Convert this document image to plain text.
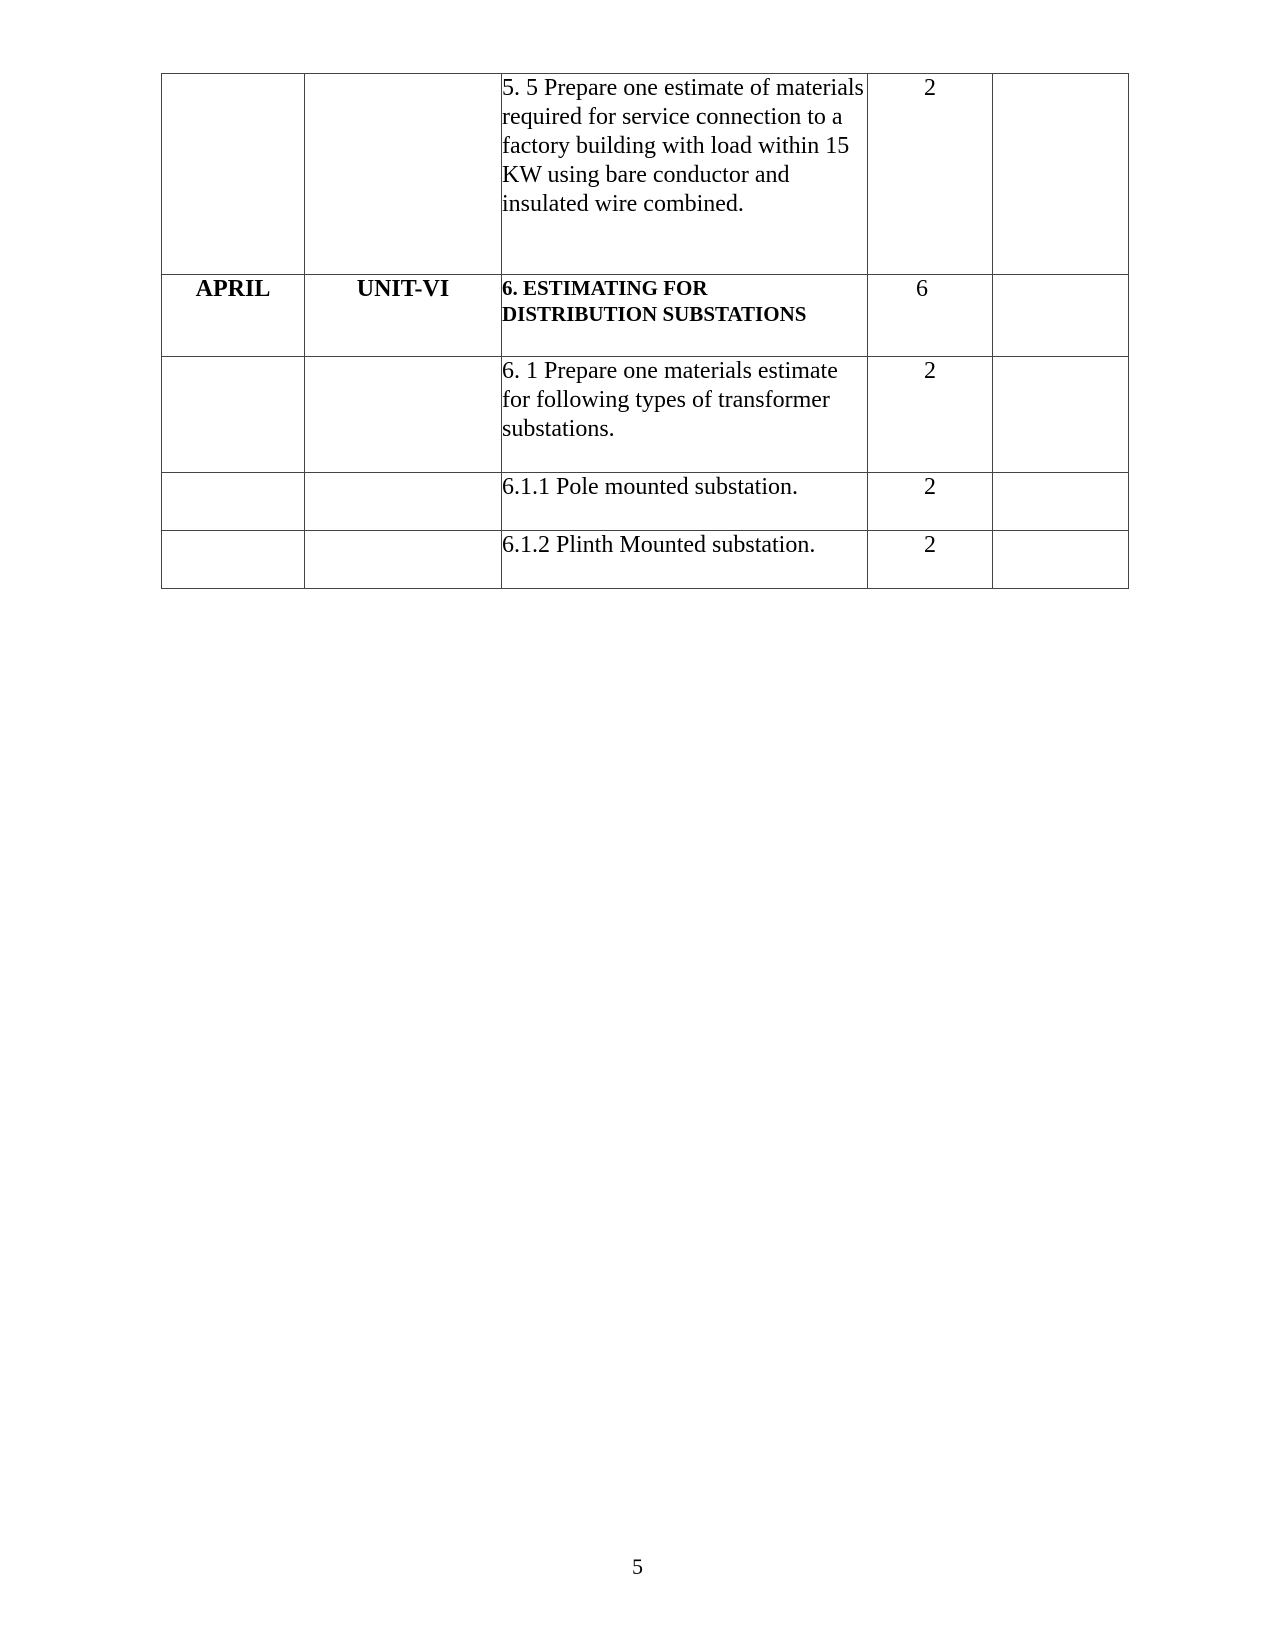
		5. 5 Prepare one estimate of materials required for service connection to a factory building with load within 15 KW using bare conductor and insulated wire combined.	2	
APRIL	UNIT-VI	6. ESTIMATING FOR DISTRIBUTION SUBSTATIONS	6	
		6. 1 Prepare one materials estimate for following types of transformer substations.	2	
		6.1.1 Pole mounted substation.	2	
		6.1.2 Plinth Mounted substation.	2	
5
